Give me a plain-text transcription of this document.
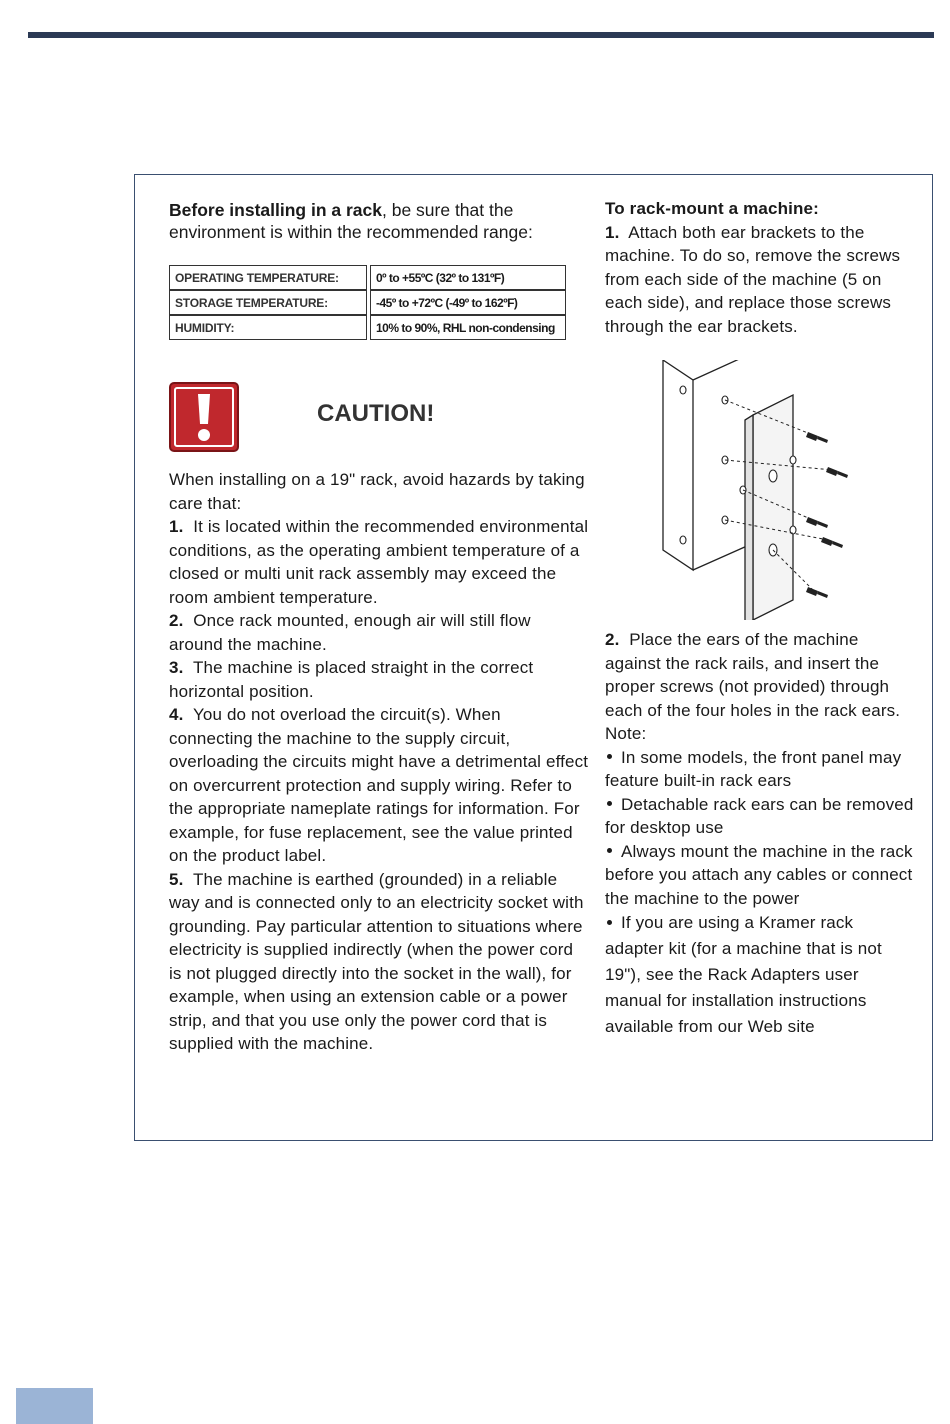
Before installing in a rack, be sure that the environment is within the recommended range:
OPERATING TEMPERATURE:	0º to +55ºC (32º to 131ºF)
STORAGE TEMPERATURE:	-45º to +72ºC (-49º to 162ºF)
HUMIDITY:	10% to 90%, RHL non-condensing
CAUTION!
When installing on a 19" rack, avoid hazards by taking care that:
1. It is located within the recommended environmental conditions, as the operating ambient temperature of a closed or multi unit rack assembly may exceed the room ambient temperature.
2. Once rack mounted, enough air will still flow around the machine.
3. The machine is placed straight in the correct horizontal position.
4. You do not overload the circuit(s). When connecting the machine to the supply circuit, overloading the circuits might have a detrimental effect on overcurrent protection and supply wiring. Refer to the appropriate nameplate ratings for information. For example, for fuse replacement, see the value printed on the product label.
5. The machine is earthed (grounded) in a reliable way and is connected only to an electricity socket with grounding. Pay particular attention to situations where electricity is supplied indirectly (when the power cord is not plugged directly into the socket in the wall), for example, when using an extension cable or a power strip, and that you use only the power cord that is supplied with the machine.
To rack-mount a machine:
1. Attach both ear brackets to the machine. To do so, remove the screws from each side of the machine (5 on each side), and replace those screws through the ear brackets.
2. Place the ears of the machine against the rack rails, and insert the proper screws (not provided) through each of the four holes in the rack ears.
Note:
In some models, the front panel may feature built-in rack ears
Detachable rack ears can be removed for desktop use
Always mount the machine in the rack before you attach any cables or connect the machine to the power
If you are using a Kramer rack adapter kit (for a machine that is not 19"), see the Rack Adapters user manual for installation instructions available from our Web site
